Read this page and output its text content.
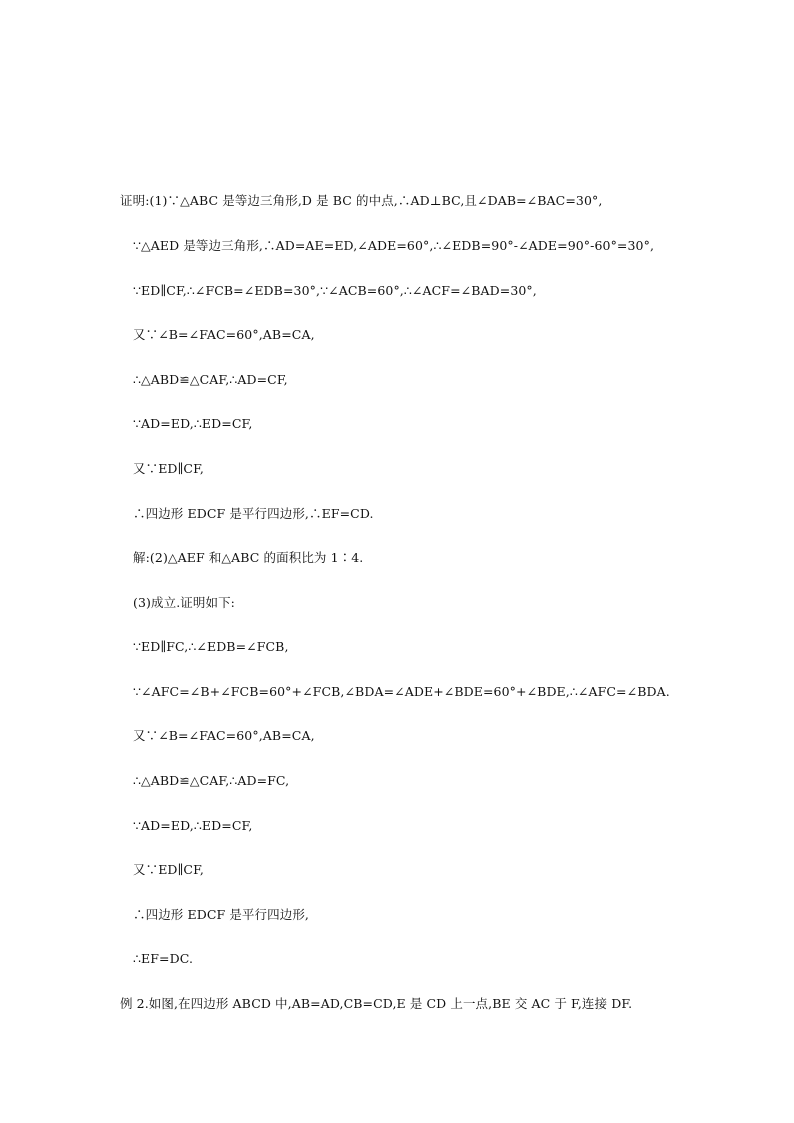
证明:(1)∵△ABC 是等边三角形,D 是 BC 的中点,∴AD⊥BC,且∠DAB=∠BAC=30°,
∵△AED 是等边三角形,∴AD=AE=ED,∠ADE=60°,∴∠EDB=90°-∠ADE=90°-60°=30°,
∵ED∥CF,∴∠FCB=∠EDB=30°,∵∠ACB=60°,∴∠ACF=∠BAD=30°,
又∵∠B=∠FAC=60°,AB=CA,
∴△ABD≌△CAF,∴AD=CF,
∵AD=ED,∴ED=CF,
又∵ED∥CF,
∴四边形 EDCF 是平行四边形,∴EF=CD.
解:(2)△AEF 和△ABC 的面积比为 1∶4.
(3)成立.证明如下:
∵ED∥FC,∴∠EDB=∠FCB,
∵∠AFC=∠B+∠FCB=60°+∠FCB,∠BDA=∠ADE+∠BDE=60°+∠BDE,∴∠AFC=∠BDA.
又∵∠B=∠FAC=60°,AB=CA,
∴△ABD≌△CAF,∴AD=FC,
∵AD=ED,∴ED=CF,
又∵ED∥CF,
∴四边形 EDCF 是平行四边形,
∴EF=DC.
例 2.如图,在四边形 ABCD 中,AB=AD,CB=CD,E 是 CD 上一点,BE 交 AC 于 F,连接 DF.
